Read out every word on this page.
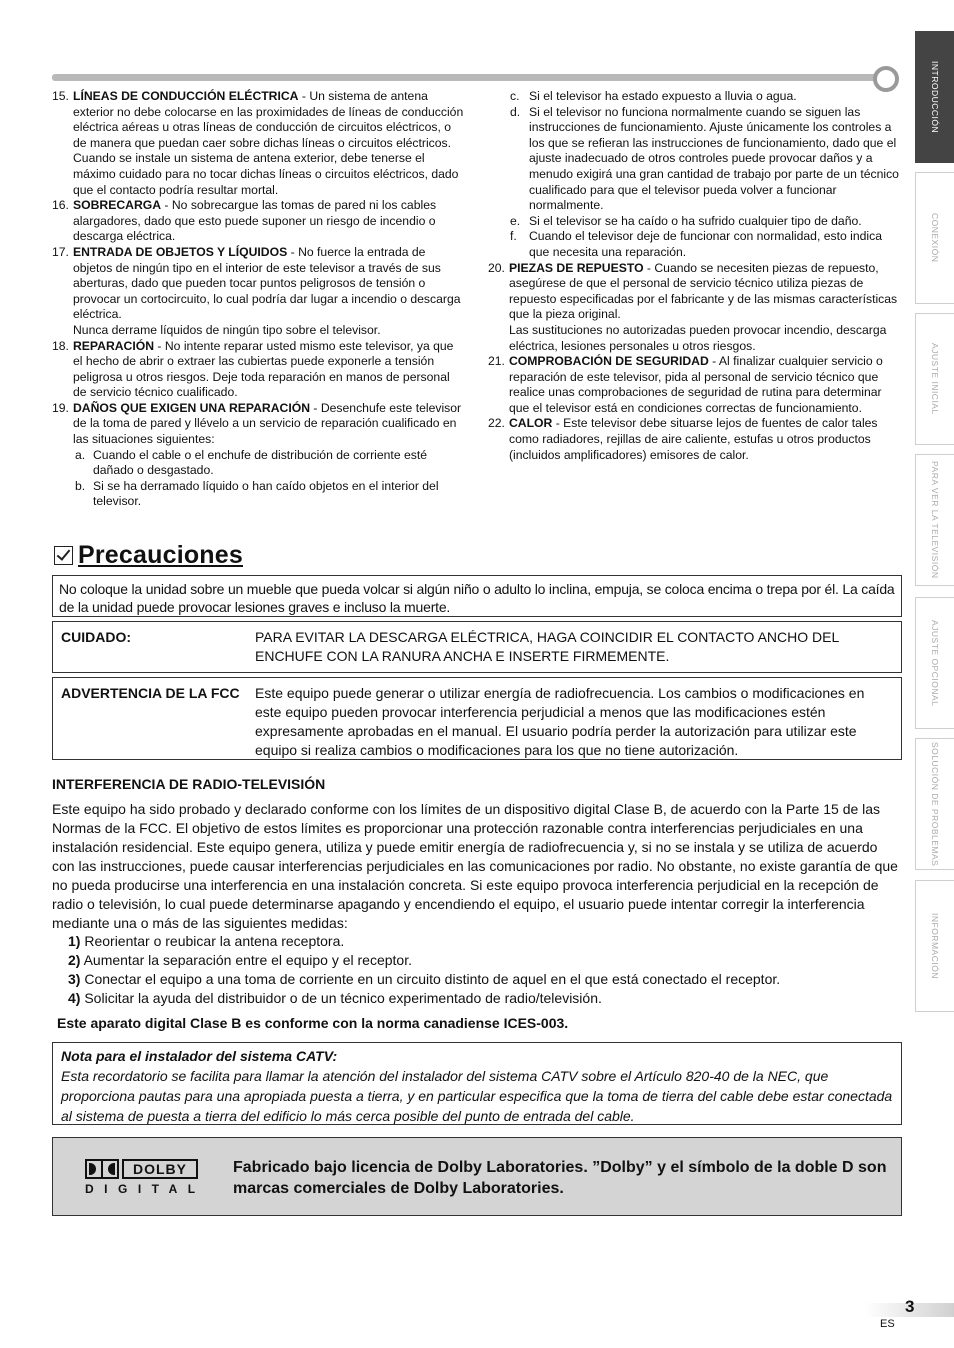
INTRODUCCIÓN
CONEXIÓN
AJUSTE INICIAL
PARA VER LA TELEVISIÓN
AJUSTE OPCIONAL
SOLUCIÓN DE PROBLEMAS
INFORMACIÓN
15. LÍNEAS DE CONDUCCIÓN ELÉCTRICA - Un sistema de antena exterior no debe colocarse en las proximidades de líneas de conducción eléctrica aéreas u otras líneas de conducción de circuitos eléctricos, o de manera que puedan caer sobre dichas líneas o circuitos eléctricos. Cuando se instale un sistema de antena exterior, debe tenerse el máximo cuidado para no tocar dichas líneas o circuitos eléctricos, dado que el contacto podría resultar mortal.
16. SOBRECARGA - No sobrecargue las tomas de pared ni los cables alargadores, dado que esto puede suponer un riesgo de incendio o descarga eléctrica.
17. ENTRADA DE OBJETOS Y LÍQUIDOS - No fuerce la entrada de objetos de ningún tipo en el interior de este televisor a través de sus aberturas, dado que pueden tocar puntos peligrosos de tensión o provocar un cortocircuito, lo cual podría dar lugar a incendio o descarga eléctrica.
Nunca derrame líquidos de ningún tipo sobre el televisor.
18. REPARACIÓN - No intente reparar usted mismo este televisor, ya que el hecho de abrir o extraer las cubiertas puede exponerle a tensión peligrosa u otros riesgos. Deje toda reparación en manos de personal de servicio técnico cualificado.
19. DAÑOS QUE EXIGEN UNA REPARACIÓN - Desenchufe este televisor de la toma de pared y llévelo a un servicio de reparación cualificado en las situaciones siguientes:
a. Cuando el cable o el enchufe de distribución de corriente esté dañado o desgastado.
b. Si se ha derramado líquido o han caído objetos en el interior del televisor.
c. Si el televisor ha estado expuesto a lluvia o agua.
d. Si el televisor no funciona normalmente cuando se siguen las instrucciones de funcionamiento. Ajuste únicamente los controles a los que se refieran las instrucciones de funcionamiento, dado que el ajuste inadecuado de otros controles puede provocar daños y a menudo exigirá una gran cantidad de trabajo por parte de un técnico cualificado para que el televisor pueda volver a funcionar normalmente.
e. Si el televisor se ha caído o ha sufrido cualquier tipo de daño.
f. Cuando el televisor deje de funcionar con normalidad, esto indica que necesita una reparación.
20. PIEZAS DE REPUESTO - Cuando se necesiten piezas de repuesto, asegúrese de que el personal de servicio técnico utiliza piezas de repuesto especificadas por el fabricante y de las mismas características que la pieza original.
Las sustituciones no autorizadas pueden provocar incendio, descarga eléctrica, lesiones personales u otros riesgos.
21. COMPROBACIÓN DE SEGURIDAD - Al finalizar cualquier servicio o reparación de este televisor, pida al personal de servicio técnico que realice unas comprobaciones de seguridad de rutina para determinar que el televisor está en condiciones correctas de funcionamiento.
22. CALOR - Este televisor debe situarse lejos de fuentes de calor tales como radiadores, rejillas de aire caliente, estufas u otros productos (incluidos amplificadores) emisores de calor.
Precauciones
No coloque la unidad sobre un mueble que pueda volcar si algún niño o adulto lo inclina, empuja, se coloca encima o trepa por él. La caída de la unidad puede provocar lesiones graves e incluso la muerte.
CUIDADO:	PARA EVITAR LA DESCARGA ELÉCTRICA, HAGA COINCIDIR EL CONTACTO ANCHO DEL ENCHUFE CON LA RANURA ANCHA E INSERTE FIRMEMENTE.
ADVERTENCIA DE LA FCC	Este equipo puede generar o utilizar energía de radiofrecuencia. Los cambios o modificaciones en este equipo pueden provocar interferencia perjudicial a menos que las modificaciones estén expresamente aprobadas en el manual. El usuario podría perder la autorización para utilizar este equipo si realiza cambios o modificaciones para los que no tiene autorización.
INTERFERENCIA DE RADIO-TELEVISIÓN
Este equipo ha sido probado y declarado conforme con los límites de un dispositivo digital Clase B, de acuerdo con la Parte 15 de las Normas de la FCC. El objetivo de estos límites es proporcionar una protección razonable contra interferencias perjudiciales en una instalación residencial. Este equipo genera, utiliza y puede emitir energía de radiofrecuencia y, si no se instala y se utiliza de acuerdo con las instrucciones, puede causar interferencias perjudiciales en las comunicaciones por radio. No obstante, no existe garantía de que no pueda producirse una interferencia en una instalación concreta. Si este equipo provoca interferencia perjudicial en la recepción de radio o televisión, lo cual puede determinarse apagando y encendiendo el equipo, el usuario puede intentar corregir la interferencia mediante una o más de las siguientes medidas:
1) Reorientar o reubicar la antena receptora.
2) Aumentar la separación entre el equipo y el receptor.
3) Conectar el equipo a una toma de corriente en un circuito distinto de aquel en el que está conectado el receptor.
4) Solicitar la ayuda del distribuidor o de un técnico experimentado de radio/televisión.
Este aparato digital Clase B es conforme con la norma canadiense ICES-003.
Nota para el instalador del sistema CATV:
Esta recordatorio se facilita para llamar la atención del instalador del sistema CATV sobre el Artículo 820-40 de la NEC, que proporciona pautas para una apropiada puesta a tierra, y en particular especifica que la toma de tierra del cable debe estar conectada al sistema de puesta a tierra del edificio lo más cerca posible del punto de entrada del cable.
DOLBY
DIGITAL
Fabricado bajo licencia de Dolby Laboratories. ”Dolby” y el símbolo de la doble D son marcas comerciales de Dolby Laboratories.
3
ES
